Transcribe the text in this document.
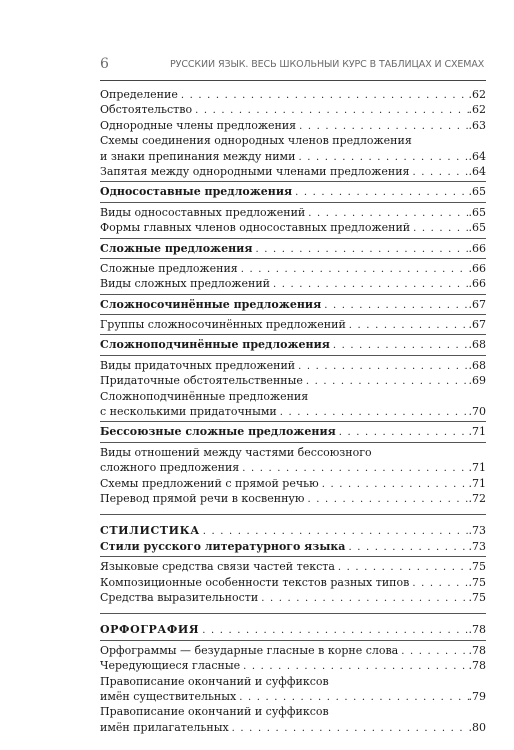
6	РУССКИЙ ЯЗЫК. ВЕСЬ ШКОЛЬНЫЙ КУРС В ТАБЛИЦАХ И СХЕМАХ
Определение . . .	.62
Обстоятельство . . .	.62
Однородные члены предложения . . .	.63
Схемы соединения однородных членов предложения
и знаки препинания между ними . . .	.64
Запятая между однородными членами предложения . . .	.64
Односоставные предложения . . .	.65
Виды односоставных предложений . . .	.65
Формы главных членов односоставных предложений . . .	.65
Сложные предложения . . .	.66
Сложные предложения . . .	.66
Виды сложных предложений . . .	.66
Сложносочинённые предложения . . .	.67
Группы сложносочинённых предложений . . .	.67
Сложноподчинённые предложения . . .	.68
Виды придаточных предложений . . .	.68
Придаточные обстоятельственные . . .	.69
Сложноподчинённые предложения
с несколькими придаточными . . .	.70
Бессоюзные сложные предложения . . .	.71
Виды отношений между частями бессоюзного
сложного предложения . . .	.71
Схемы предложений с прямой речью . . .	.71
Перевод прямой речи в косвенную . . .	.72
СТИЛИСТИКА . . .	.73
Стили русского литературного языка . . .	.73
Языковые средства связи частей текста . . .	.75
Композиционные особенности текстов разных типов . . .	.75
Средства выразительности . . .	.75
ОРФОГРАФИЯ . . .	.78
Орфограммы — безударные гласные в корне слова . . .	.78
Чередующиеся гласные . . .	.78
Правописание окончаний и суффиксов
имён существительных . . .	.79
Правописание окончаний и суффиксов
имён прилагательных . . .	.80
